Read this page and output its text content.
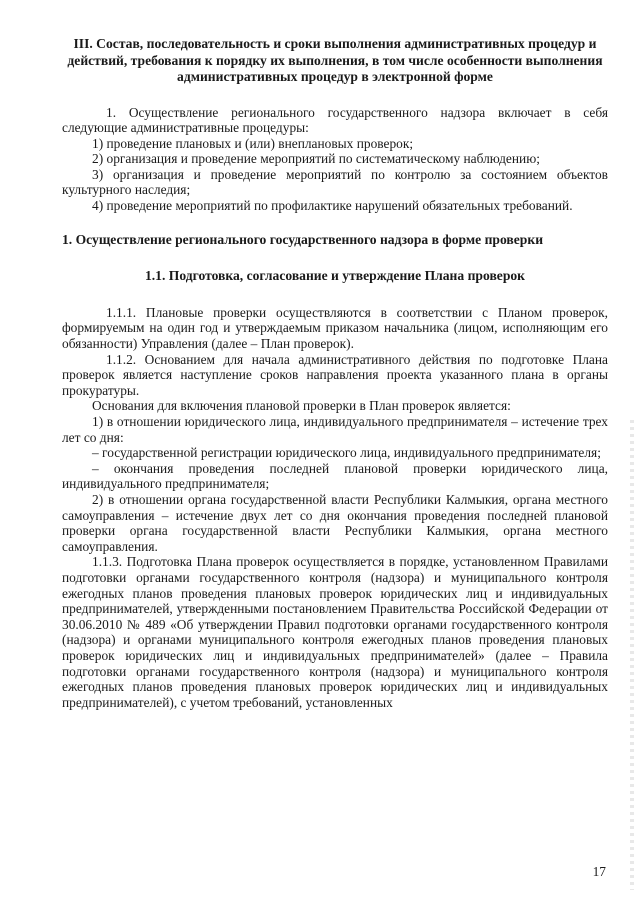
III. Состав, последовательность и сроки выполнения административных процедур и действий, требования к порядку их выполнения, в том числе особенности выполнения административных процедур в электронной форме

1. Осуществление регионального государственного надзора включает в себя следующие административные процедуры:

1) проведение плановых и (или) внеплановых проверок;

2) организация и проведение мероприятий по систематическому наблюдению;

3) организация и проведение мероприятий по контролю за состоянием объектов культурного наследия;

4) проведение мероприятий по профилактике нарушений обязательных требований.

1. Осуществление регионального государственного надзора в форме проверки

1.1. Подготовка, согласование и утверждение Плана проверок

1.1.1. Плановые проверки осуществляются в соответствии с Планом проверок, формируемым на один год и утверждаемым приказом начальника (лицом, исполняющим его обязанности) Управления (далее – План проверок).

1.1.2. Основанием для начала административного действия по подготовке Плана проверок является наступление сроков направления проекта указанного плана в органы прокуратуры.

Основания для включения плановой проверки в План проверок является:

1) в отношении юридического лица, индивидуального предпринимателя – истечение трех лет со дня:

– государственной регистрации юридического лица, индивидуального предпринимателя;

– окончания проведения последней плановой проверки юридического лица, индивидуального предпринимателя;

2) в отношении органа государственной власти Республики Калмыкия, органа местного самоуправления – истечение двух лет со дня окончания проведения последней плановой проверки органа государственной власти Республики Калмыкия, органа местного самоуправления.

1.1.3. Подготовка Плана проверок осуществляется в порядке, установленном Правилами подготовки органами государственного контроля (надзора) и муниципального контроля ежегодных планов проведения плановых проверок юридических лиц и индивидуальных предпринимателей, утвержденными постановлением Правительства Российской Федерации от 30.06.2010 № 489 «Об утверждении Правил подготовки органами государственного контроля (надзора) и органами муниципального контроля ежегодных планов проведения плановых проверок юридических лиц и индивидуальных предпринимателей» (далее – Правила подготовки органами государственного контроля (надзора) и муниципального контроля ежегодных планов проведения плановых проверок юридических лиц и индивидуальных предпринимателей), с учетом требований, установленных

17
